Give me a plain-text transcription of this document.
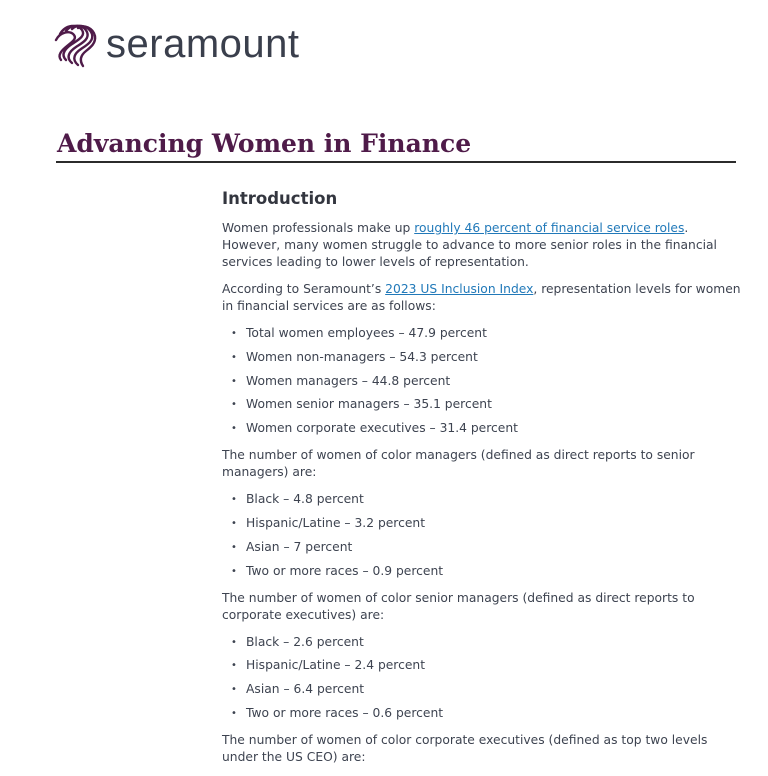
seramount
Advancing Women in Finance
Introduction

Women professionals make up roughly 46 percent of financial service roles. However, many women struggle to advance to more senior roles in the financial services leading to lower levels of representation.

According to Seramount’s 2023 US Inclusion Index, representation levels for women in financial services are as follows:

• Total women employees – 47.9 percent
• Women non-managers – 54.3 percent
• Women managers – 44.8 percent
• Women senior managers – 35.1 percent
• Women corporate executives – 31.4 percent

The number of women of color managers (defined as direct reports to senior managers) are:

• Black – 4.8 percent
• Hispanic/Latine – 3.2 percent
• Asian – 7 percent
• Two or more races – 0.9 percent

The number of women of color senior managers (defined as direct reports to corporate executives) are:

• Black – 2.6 percent
• Hispanic/Latine – 2.4 percent
• Asian – 6.4 percent
• Two or more races – 0.6 percent

The number of women of color corporate executives (defined as top two levels under the US CEO) are:
